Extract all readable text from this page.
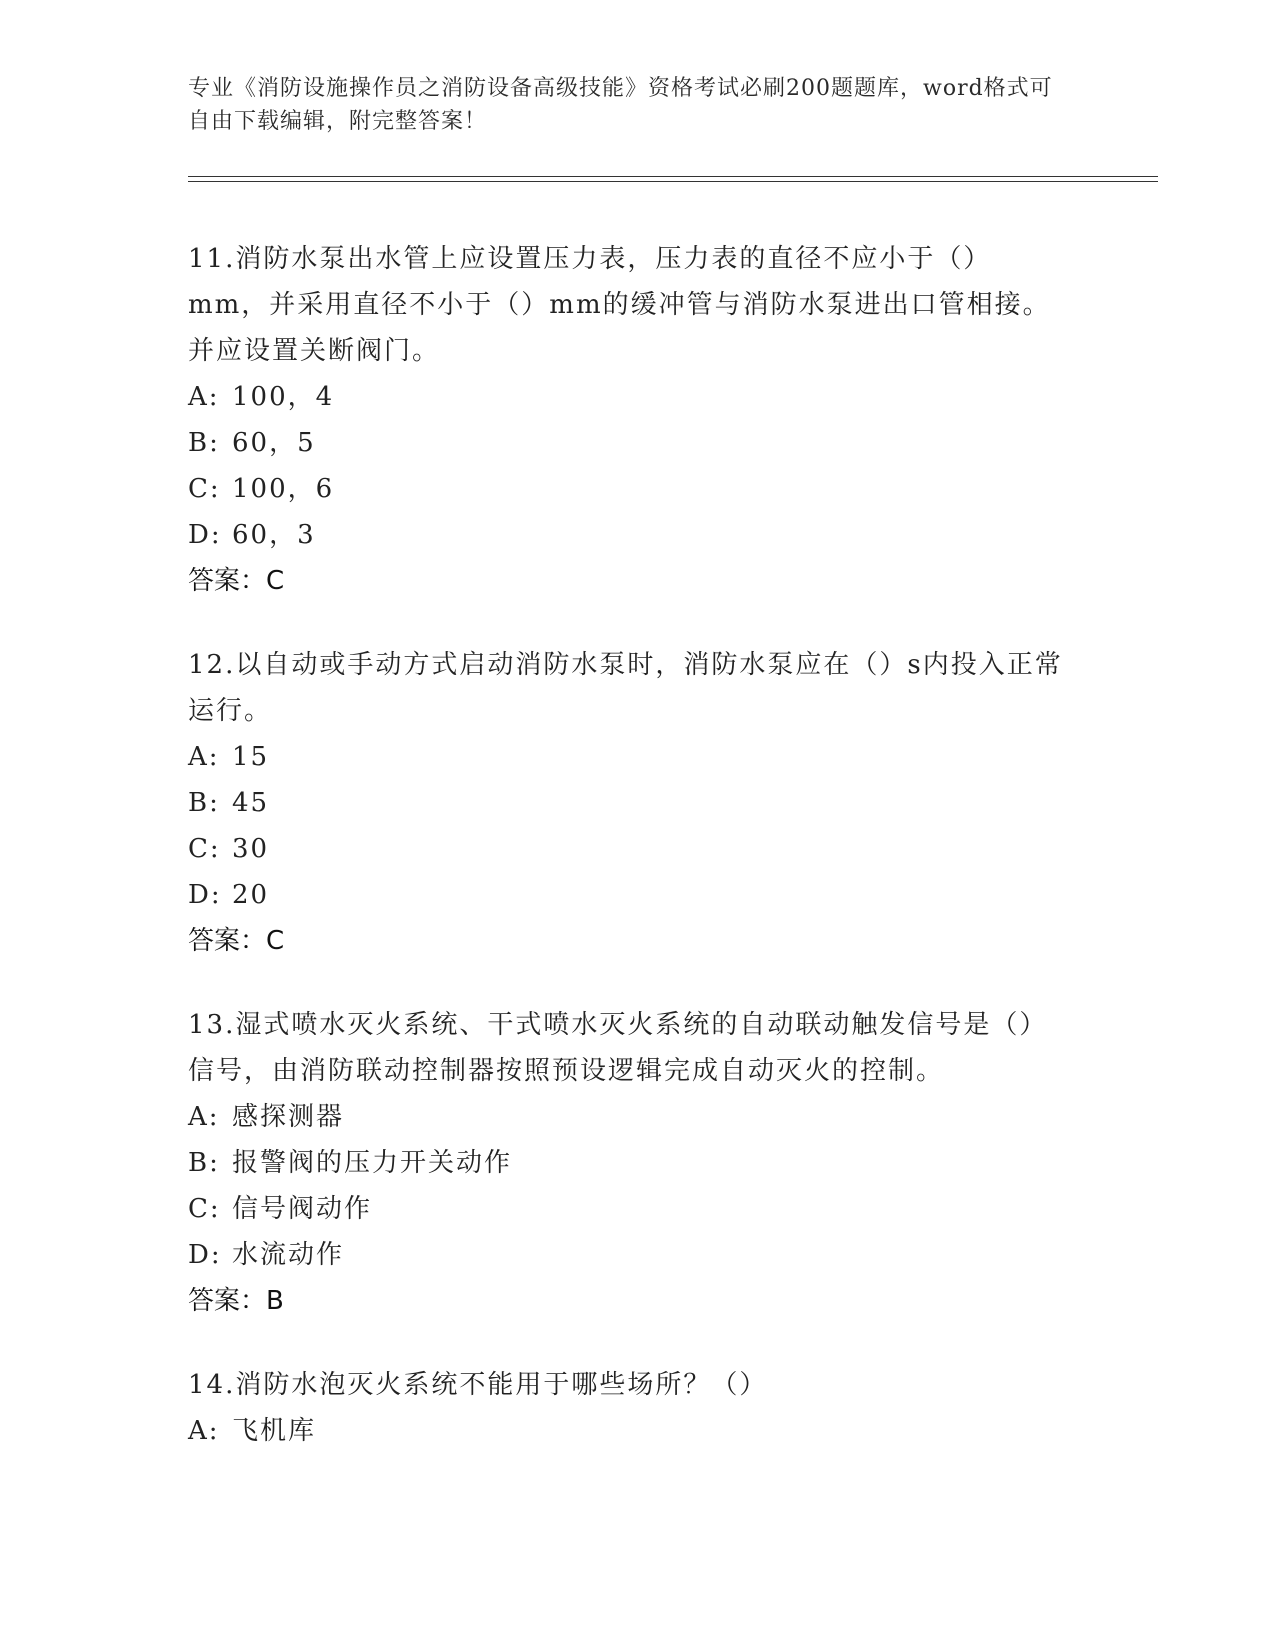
专业《消防设施操作员之消防设备高级技能》资格考试必刷200题题库，word格式可自由下载编辑，附完整答案！

11.消防水泵出水管上应设置压力表，压力表的直径不应小于（）mm，并采用直径不小于（）mm的缓冲管与消防水泵进出口管相接。并应设置关断阀门。

A: 100，4

B: 60，5

C: 100，6

D: 60，3

答案：C

12.以自动或手动方式启动消防水泵时，消防水泵应在（）s内投入正常运行。

A: 15

B: 45

C: 30

D: 20

答案：C

13.湿式喷水灭火系统、干式喷水灭火系统的自动联动触发信号是（）信号，由消防联动控制器按照预设逻辑完成自动灭火的控制。

A: 感探测器

B: 报警阀的压力开关动作

C: 信号阀动作

D: 水流动作

答案：B

14.消防水泡灭火系统不能用于哪些场所？（）

A: 飞机库
